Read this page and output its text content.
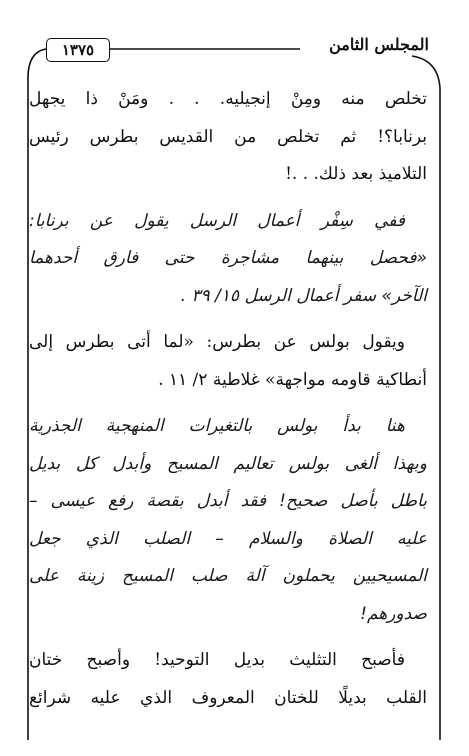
المجلس الثامن
١٣٧٥

تخلص منه ومِنْ إنجيليه. . . ومَنْ ذا يجهل
برنابا؟! ثم تخلص من القديس بطرس رئيس
التلاميذ بعد ذلك. . .!

ففي سِفْر أعمال الرسل يقول عن برنابا:
«فحصل بينهما مشاجرة حتى فارق أحدهما
الآخر» سفر أعمال الرسل ١٥/ ٣٩ .

ويقول بولس عن بطرس: «لما أتى بطرس إلى
أنطاكية قاومه مواجهة» غلاطية ٢/ ١١ .

هنا بدأ بولس بالتغيرات المنهجية الجذرية
وبهذا ألغى بولس تعاليم المسيح وأبدل كل بديل
باطل بأصل صحيح! فقد أبدل بقصة رفع عيسى –
عليه الصلاة والسلام – الصلب الذي جعل
المسيحيين يحملون آلة صلب المسيح زينة على
صدورهم!

فأصبح التثليث بديل التوحيد! وأصبح ختان
القلب بديلًا للختان المعروف الذي عليه شرائع
